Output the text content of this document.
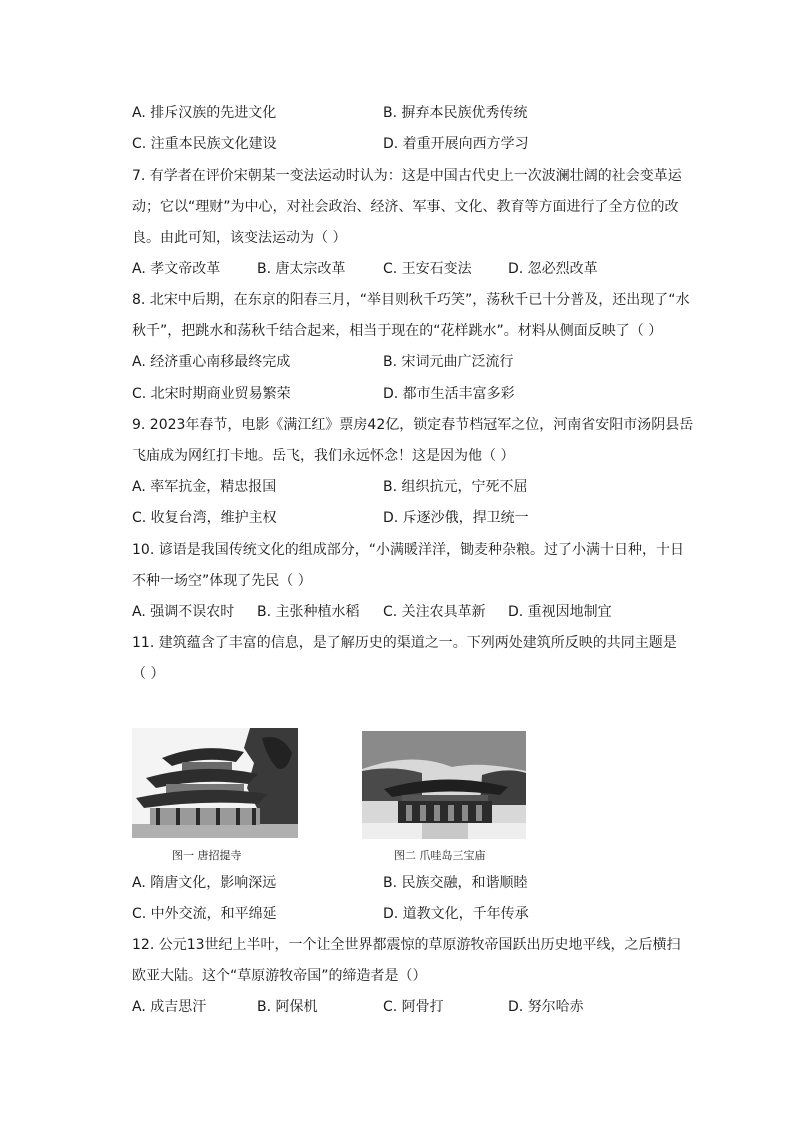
A. 排斥汉族的先进文化	B. 摒弃本民族优秀传统
C. 注重本民族文化建设	D. 着重开展向西方学习
7. 有学者在评价宋朝某一变法运动时认为：这是中国古代史上一次波澜壮阔的社会变革运
动；它以“理财”为中心，对社会政治、经济、军事、文化、教育等方面进行了全方位的改
良。由此可知，该变法运动为（ ）
A. 孝文帝改革	B. 唐太宗改革	C. 王安石变法	D. 忽必烈改革
8. 北宋中后期，在东京的阳春三月，“举目则秋千巧笑”，荡秋千已十分普及，还出现了“水
秋千”，把跳水和荡秋千结合起来，相当于现在的“花样跳水”。材料从侧面反映了（ ）
A. 经济重心南移最终完成	B. 宋词元曲广泛流行
C. 北宋时期商业贸易繁荣	D. 都市生活丰富多彩
9. 2023年春节，电影《满江红》票房42亿，锁定春节档冠军之位，河南省安阳市汤阴县岳
飞庙成为网红打卡地。岳飞，我们永远怀念！这是因为他（ ）
A. 率军抗金，精忠报国	B. 组织抗元，宁死不屈
C. 收复台湾，维护主权	D. 斥逐沙俄，捍卫统一
10. 谚语是我国传统文化的组成部分，“小满暖洋洋，锄麦种杂粮。过了小满十日种，十日
不种一场空”体现了先民（ ）
A. 强调不误农时 B. 主张种植水稻 C. 关注农具革新 D. 重视因地制宜
11. 建筑蕴含了丰富的信息，是了解历史的渠道之一。下列两处建筑所反映的共同主题是
（ ）
图一 唐招提寺	图二 爪哇岛三宝庙
A. 隋唐文化，影响深远	B. 民族交融，和谐顺睦
C. 中外交流，和平绵延	D. 道教文化，千年传承
12. 公元13世纪上半叶，一个让全世界都震惊的草原游牧帝国跃出历史地平线，之后横扫
欧亚大陆。这个“草原游牧帝国”的缔造者是（）
A. 成吉思汗	B. 阿保机	C. 阿骨打	D. 努尔哈赤
